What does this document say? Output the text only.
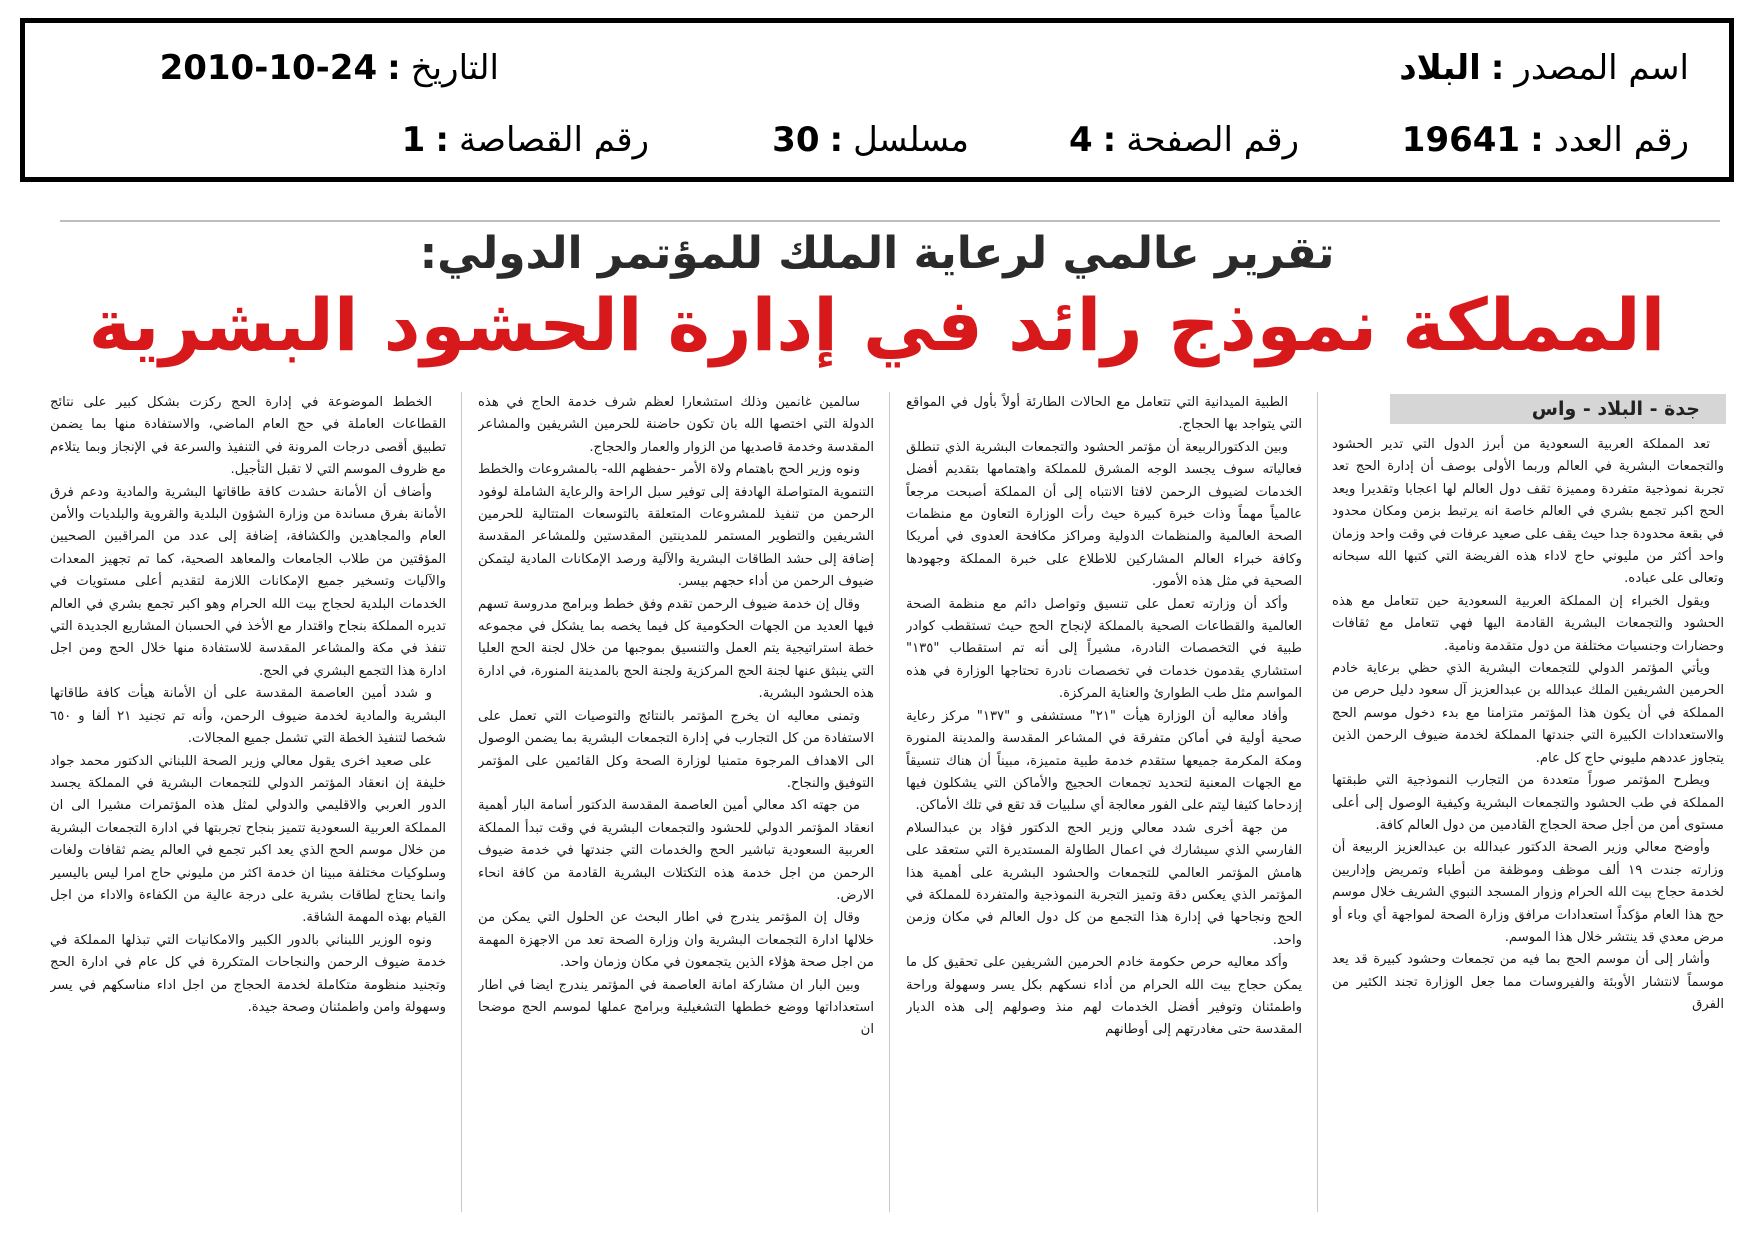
اسم المصدر:البلاد
التاريخ:24-10-2010
رقم العدد:19641
رقم الصفحة:4
مسلسل:30
رقم القصاصة:1
تقرير عالمي لرعاية الملك للمؤتمر الدولي:
المملكة نموذج رائد في إدارة الحشود البشرية
جدة - البلاد - واس

تعد المملكة العربية السعودية من أبرز الدول التي تدير الحشود والتجمعات البشرية في العالم وربما الأولى بوصف أن إدارة الحج تعد تجربة نموذجية متفردة ومميزة تقف دول العالم لها اعجابا وتقديرا ويعد الحج اكبر تجمع بشري في العالم خاصة انه يرتبط بزمن ومكان محدود في بقعة محدودة جدا حيث يقف على صعيد عرفات في وقت واحد وزمان واحد أكثر من مليوني حاج لاداء هذه الفريضة التي كتبها الله سبحانه وتعالى على عباده.

ويقول الخبراء إن المملكة العربية السعودية حين تتعامل مع هذه الحشود والتجمعات البشرية القادمة اليها فهي تتعامل مع ثقافات وحضارات وجنسيات مختلفة من دول متقدمة ونامية.

ويأتي المؤتمر الدولي للتجمعات البشرية الذي حظي برعاية خادم الحرمين الشريفين الملك عبدالله بن عبدالعزيز آل سعود دليل حرص من المملكة في أن يكون هذا المؤتمر متزامنا مع بدء دخول موسم الحج والاستعدادات الكبيرة التي جندتها المملكة لخدمة ضيوف الرحمن الذين يتجاوز عددهم مليوني حاج كل عام.

ويطرح المؤتمر صوراً متعددة من التجارب النموذجية التي طبقتها المملكة في طب الحشود والتجمعات البشرية وكيفية الوصول إلى أعلى مستوى أمن من أجل صحة الحجاج القادمين من دول العالم كافة.

وأوضح معالي وزير الصحة الدكتور عبدالله بن عبدالعزيز الربيعة أن وزارته جندت ١٩ ألف موظف وموظفة من أطباء وتمريض وإداريين لخدمة حجاج بيت الله الحرام وزوار المسجد النبوي الشريف خلال موسم حج هذا العام مؤكداً استعدادات مرافق وزارة الصحة لمواجهة أي وباء أو مرض معدي قد ينتشر خلال هذا الموسم.

وأشار إلى أن موسم الحج بما فيه من تجمعات وحشود كبيرة قد يعد موسماً لانتشار الأوبئة والفيروسات مما جعل الوزارة تجند الكثير من الفرق

الطبية الميدانية التي تتعامل مع الحالات الطارئة أولاً بأول في المواقع التي يتواجد بها الحجاج.

وبين الدكتورالربيعة أن مؤتمر الحشود والتجمعات البشرية الذي تنطلق فعالياته سوف يجسد الوجه المشرق للمملكة واهتمامها بتقديم أفضل الخدمات لضيوف الرحمن لافتا الانتباه إلى أن المملكة أصبحت مرجعاً عالمياً مهماً وذات خبرة كبيرة حيث رأت الوزارة التعاون مع منظمات الصحة العالمية والمنظمات الدولية ومراكز مكافحة العدوى في أمريكا وكافة خبراء العالم المشاركين للاطلاع على خبرة المملكة وجهودها الصحية في مثل هذه الأمور.

وأكد أن وزارته تعمل على تنسيق وتواصل دائم مع منظمة الصحة العالمية والقطاعات الصحية بالمملكة لإنجاح الحج حيث تستقطب كوادر طبية في التخصصات النادرة، مشيراً إلى أنه تم استقطاب "١٣٥" استشاري يقدمون خدمات في تخصصات نادرة تحتاجها الوزارة في هذه المواسم مثل طب الطوارئ والعناية المركزة.

وأفاد معاليه أن الوزارة هيأت "٢١" مستشفى و "١٣٧" مركز رعاية صحية أولية في أماكن متفرقة في المشاعر المقدسة والمدينة المنورة ومكة المكرمة جميعها ستقدم خدمة طبية متميزة، مبيناً أن هناك تنسيقاً مع الجهات المعنية لتحديد تجمعات الحجيج والأماكن التي يشكلون فيها إزدحاما كثيفا ليتم على الفور معالجة أي سلبيات قد تقع في تلك الأماكن.

من جهة أخرى شدد معالي وزير الحج الدكتور فؤاد بن عبدالسلام الفارسي الذي سيشارك في اعمال الطاولة المستديرة التي ستعقد على هامش المؤتمر العالمي للتجمعات والحشود البشرية على أهمية هذا المؤتمر الذي يعكس دقة وتميز التجربة النموذجية والمتفردة للمملكة في الحج ونجاحها في إدارة هذا التجمع من كل دول العالم في مكان وزمن واحد.

وأكد معاليه حرص حكومة خادم الحرمين الشريفين على تحقيق كل ما يمكن حجاج بيت الله الحرام من أداء نسكهم بكل يسر وسهولة وراحة واطمئنان وتوفير أفضل الخدمات لهم منذ وصولهم إلى هذه الديار المقدسة حتى مغادرتهم إلى أوطانهم

سالمين غانمين وذلك استشعارا لعظم شرف خدمة الحاج في هذه الدولة التي اختصها الله بان تكون حاضنة للحرمين الشريفين والمشاعر المقدسة وخدمة قاصديها من الزوار والعمار والحجاج.

ونوه وزير الحج باهتمام ولاة الأمر -حفظهم الله- بالمشروعات والخطط التنموية المتواصلة الهادفة إلى توفير سبل الراحة والرعاية الشاملة لوفود الرحمن من تنفيذ للمشروعات المتعلقة بالتوسعات المتتالية للحرمين الشريفين والتطوير المستمر للمدينتين المقدستين وللمشاعر المقدسة إضافة إلى حشد الطاقات البشرية والآلية ورصد الإمكانات المادية ليتمكن ضيوف الرحمن من أداء حجهم بيسر.

وقال إن خدمة ضيوف الرحمن تقدم وفق خطط وبرامج مدروسة تسهم فيها العديد من الجهات الحكومية كل فيما يخصه بما يشكل في مجموعه خطة استراتيجية يتم العمل والتنسيق بموجبها من خلال لجنة الحج العليا التي ينبثق عنها لجنة الحج المركزية ولجنة الحج بالمدينة المنورة، في ادارة هذه الحشود البشرية.

وتمنى معاليه ان يخرج المؤتمر بالنتائج والتوصيات التي تعمل على الاستفادة من كل التجارب في إدارة التجمعات البشرية بما يضمن الوصول الى الاهداف المرجوة متمنيا لوزارة الصحة وكل القائمين على المؤتمر التوفيق والنجاح.

من جهته اكد معالي أمين العاصمة المقدسة الدكتور أسامة البار أهمية انعقاد المؤتمر الدولي للحشود والتجمعات البشرية في وقت تبدأ المملكة العربية السعودية تباشير الحج والخدمات التي جندتها في خدمة ضيوف الرحمن من اجل خدمة هذه التكتلات البشرية القادمة من كافة انحاء الارض.

وقال إن المؤتمر يندرج في اطار البحث عن الحلول التي يمكن من خلالها ادارة التجمعات البشرية وان وزارة الصحة تعد من الاجهزة المهمة من اجل صحة هؤلاء الذين يتجمعون في مكان وزمان واحد.

وبين البار ان مشاركة امانة العاصمة في المؤتمر يندرج ايضا في اطار استعداداتها ووضع خططها التشغيلية وبرامج عملها لموسم الحج موضحا ان

الخطط الموضوعة في إدارة الحج ركزت بشكل كبير على نتائج القطاعات العاملة في حج العام الماضي، والاستفادة منها بما يضمن تطبيق أقصى درجات المرونة في التنفيذ والسرعة في الإنجاز وبما يتلاءم مع ظروف الموسم التي لا تقبل التأجيل.

وأضاف أن الأمانة حشدت كافة طاقاتها البشرية والمادية ودعم فرق الأمانة بفرق مساندة من وزارة الشؤون البلدية والقروية والبلديات والأمن العام والمجاهدين والكشافة، إضافة إلى عدد من المراقبين الصحيين المؤقتين من طلاب الجامعات والمعاهد الصحية، كما تم تجهيز المعدات والآليات وتسخير جميع الإمكانات اللازمة لتقديم أعلى مستويات في الخدمات البلدية لحجاج بيت الله الحرام وهو اكبر تجمع بشري في العالم تديره المملكة بنجاح واقتدار مع الأخذ في الحسبان المشاريع الجديدة التي تنفذ في مكة والمشاعر المقدسة للاستفادة منها خلال الحج ومن اجل ادارة هذا التجمع البشري في الحج.

و شدد أمين العاصمة المقدسة على أن الأمانة هيأت كافة طاقاتها البشرية والمادية لخدمة ضيوف الرحمن، وأنه تم تجنيد ٢١ ألفا و ٦٥٠ شخصا لتنفيذ الخطة التي تشمل جميع المجالات.

على صعيد اخرى يقول معالي وزير الصحة اللبناني الدكتور محمد جواد خليفة إن انعقاد المؤتمر الدولي للتجمعات البشرية في المملكة يجسد الدور العربي والاقليمي والدولي لمثل هذه المؤتمرات مشيرا الى ان المملكة العربية السعودية تتميز بنجاح تجربتها في ادارة التجمعات البشرية من خلال موسم الحج الذي يعد اكبر تجمع في العالم يضم ثقافات ولغات وسلوكيات مختلفة مبينا ان خدمة اكثر من مليوني حاج امرا ليس باليسير وانما يحتاج لطاقات بشرية على درجة عالية من الكفاءة والاداء من اجل القيام بهذه المهمة الشاقة.

ونوه الوزير اللبناني بالدور الكبير والامكانيات التي تبذلها المملكة في خدمة ضيوف الرحمن والنجاحات المتكررة في كل عام في ادارة الحج وتجنيد منظومة متكاملة لخدمة الحجاج من اجل اداء مناسكهم في يسر وسهولة وامن واطمئنان وصحة جيدة.
